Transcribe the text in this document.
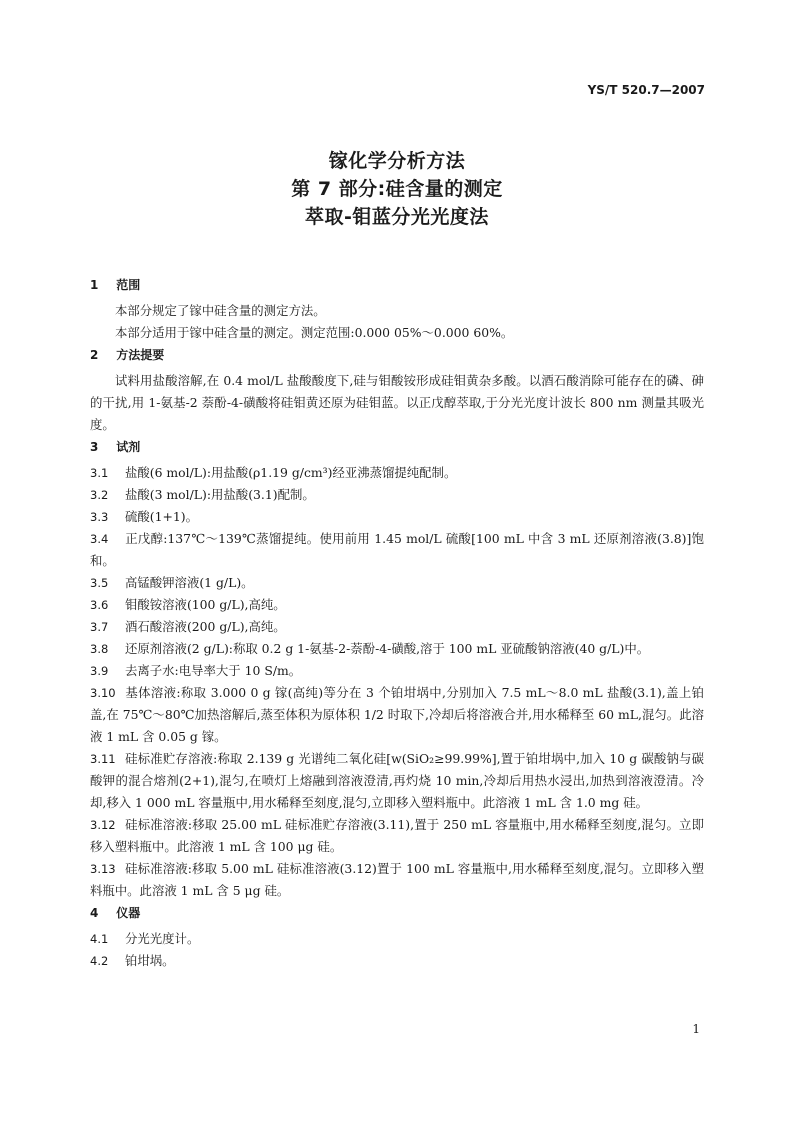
YS/T 520.7—2007
镓化学分析方法
第 7 部分:硅含量的测定
萃取-钼蓝分光光度法
1 范围
本部分规定了镓中硅含量的测定方法。
本部分适用于镓中硅含量的测定。测定范围:0.000 05%～0.000 60%。
2 方法提要
试料用盐酸溶解,在 0.4 mol/L 盐酸酸度下,硅与钼酸铵形成硅钼黄杂多酸。以酒石酸消除可能存在的磷、砷的干扰,用 1-氨基-2 萘酚-4-磺酸将硅钼黄还原为硅钼蓝。以正戊醇萃取,于分光光度计波长 800 nm 测量其吸光度。
3 试剂
3.1 盐酸(6 mol/L):用盐酸(ρ1.19 g/cm³)经亚沸蒸馏提纯配制。
3.2 盐酸(3 mol/L):用盐酸(3.1)配制。
3.3 硫酸(1+1)。
3.4 正戊醇:137℃～139℃蒸馏提纯。使用前用 1.45 mol/L 硫酸[100 mL 中含 3 mL 还原剂溶液(3.8)]饱和。
3.5 高锰酸钾溶液(1 g/L)。
3.6 钼酸铵溶液(100 g/L),高纯。
3.7 酒石酸溶液(200 g/L),高纯。
3.8 还原剂溶液(2 g/L):称取 0.2 g 1-氨基-2-萘酚-4-磺酸,溶于 100 mL 亚硫酸钠溶液(40 g/L)中。
3.9 去离子水:电导率大于 10 S/m。
3.10 基体溶液:称取 3.000 0 g 镓(高纯)等分在 3 个铂坩埚中,分别加入 7.5 mL～8.0 mL 盐酸(3.1),盖上铂盖,在 75℃～80℃加热溶解后,蒸至体积为原体积 1/2 时取下,冷却后将溶液合并,用水稀释至 60 mL,混匀。此溶液 1 mL 含 0.05 g 镓。
3.11 硅标准贮存溶液:称取 2.139 g 光谱纯二氧化硅[w(SiO₂≥99.99%],置于铂坩埚中,加入 10 g 碳酸钠与碳酸钾的混合熔剂(2+1),混匀,在喷灯上熔融到溶液澄清,再灼烧 10 min,冷却后用热水浸出,加热到溶液澄清。冷却,移入 1 000 mL 容量瓶中,用水稀释至刻度,混匀,立即移入塑料瓶中。此溶液 1 mL 含 1.0 mg 硅。
3.12 硅标准溶液:移取 25.00 mL 硅标准贮存溶液(3.11),置于 250 mL 容量瓶中,用水稀释至刻度,混匀。立即移入塑料瓶中。此溶液 1 mL 含 100 μg 硅。
3.13 硅标准溶液:移取 5.00 mL 硅标准溶液(3.12)置于 100 mL 容量瓶中,用水稀释至刻度,混匀。立即移入塑料瓶中。此溶液 1 mL 含 5 μg 硅。
4 仪器
4.1 分光光度计。
4.2 铂坩埚。
1
